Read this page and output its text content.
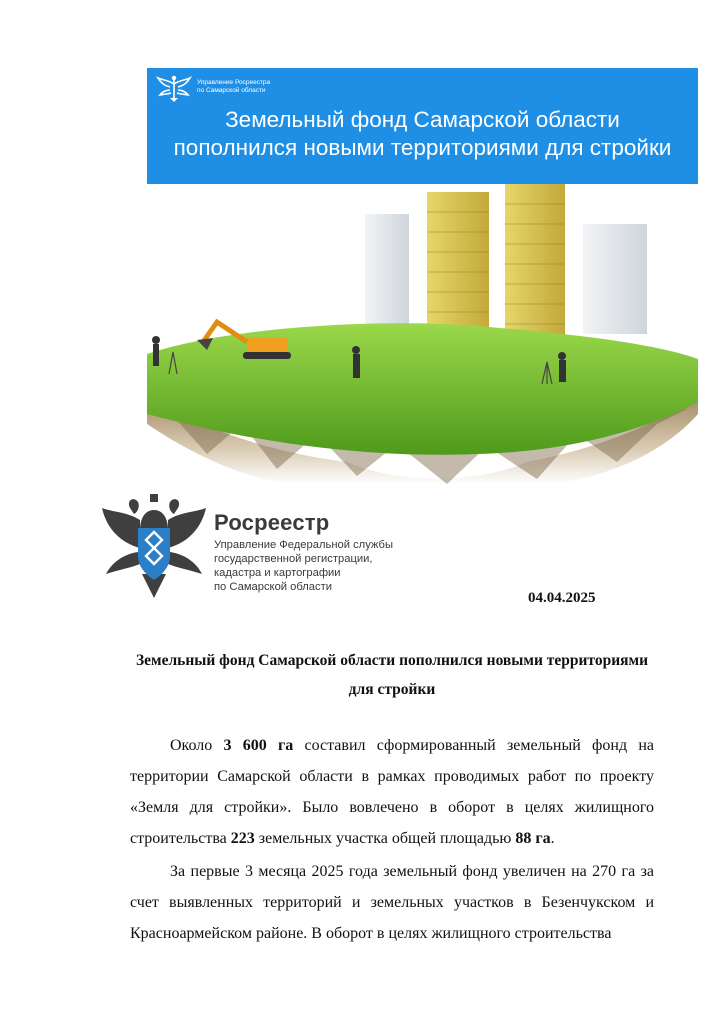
Управление Росреестра
по Самарской области
Земельный фонд Самарской области
пополнился новыми территориями для стройки
Росреестр
Управление Федеральной службы
государственной регистрации,
кадастра и картографии
по Самарской области
04.04.2025
Земельный фонд Самарской области пополнился новыми территориями для стройки

Около 3 600 га составил сформированный земельный фонд на территории Самарской области в рамках проводимых работ по проекту «Земля для стройки». Было вовлечено в оборот в целях жилищного строительства 223 земельных участка общей площадью 88 га.

За первые 3 месяца 2025 года земельный фонд увеличен на 270 га за счет выявленных территорий и земельных участков в Безенчукском и Красноармейском районе. В оборот в целях жилищного строительства
